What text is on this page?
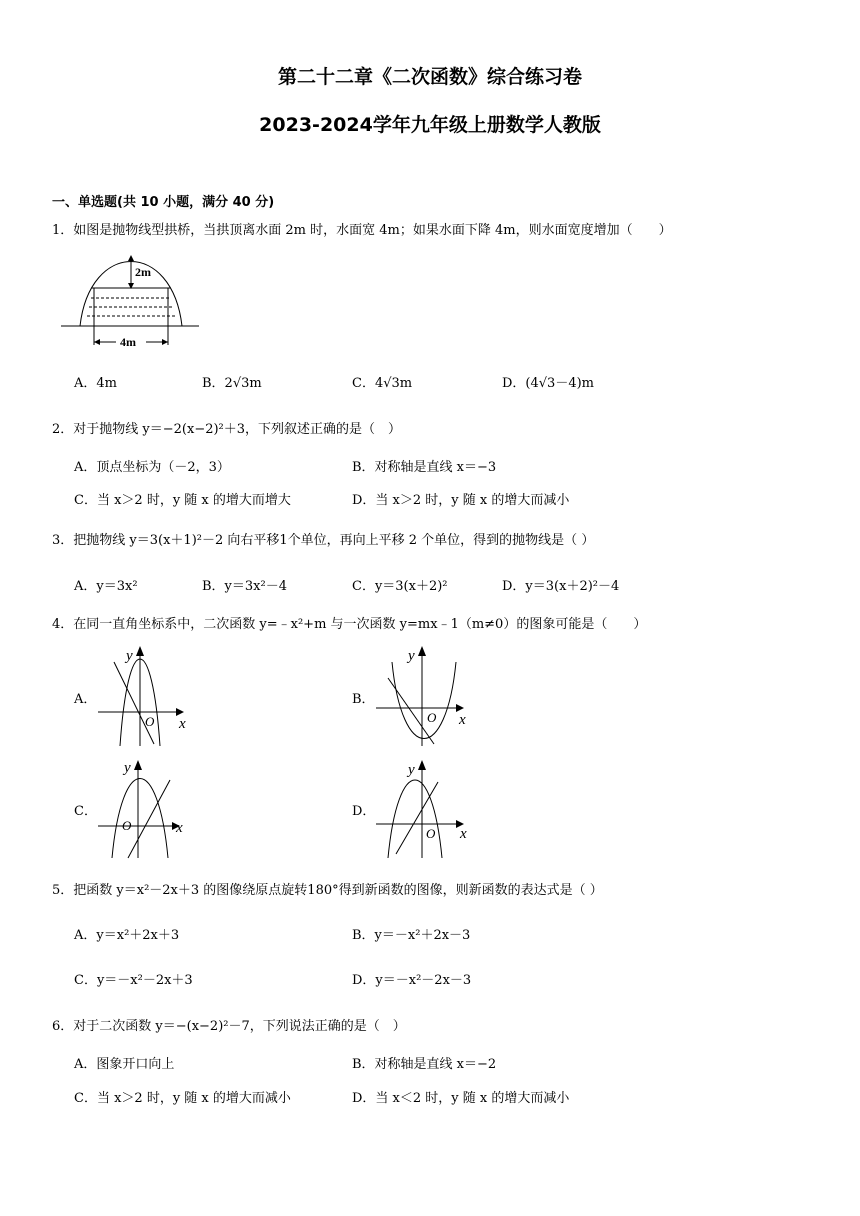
第二十二章《二次函数》综合练习卷
2023-2024学年九年级上册数学人教版
一、单选题(共 10 小题，满分 40 分)
1．如图是抛物线型拱桥，当拱顶离水面 2m 时，水面宽 4m；如果水面下降 4m，则水面宽度增加（　　）
2m
4m
A．4m	B．2√3m	C．4√3m	D．(4√3－4)m
2．对于抛物线 y＝−2(x−2)²＋3，下列叙述正确的是（　）
A．顶点坐标为（－2，3）	B．对称轴是直线 x＝−3
C．当 x＞2 时，y 随 x 的增大而增大	D．当 x＞2 时，y 随 x 的增大而减小
3．把抛物线 y＝3(x＋1)²－2 向右平移1个单位，再向上平移 2 个单位，得到的抛物线是（ ）
A．y＝3x²	B．y＝3x²－4	C．y＝3(x＋2)²	D．y＝3(x＋2)²－4
4．在同一直角坐标系中，二次函数 y=﹣x²+m 与一次函数 y=mx﹣1（m≠0）的图象可能是（　　）
A．
y
x
O
B．
y
x
O
C．
y
x
O
D．
y
x
O
5．把函数 y＝x²－2x＋3 的图像绕原点旋转180°得到新函数的图像，则新函数的表达式是（ ）
A．y＝x²＋2x＋3	B．y＝－x²＋2x－3
C．y＝－x²－2x＋3	D．y＝－x²－2x－3
6．对于二次函数 y＝−(x−2)²－7，下列说法正确的是（　）
A．图象开口向上	B．对称轴是直线 x＝−2
C．当 x＞2 时，y 随 x 的增大而减小	D．当 x＜2 时，y 随 x 的增大而减小
